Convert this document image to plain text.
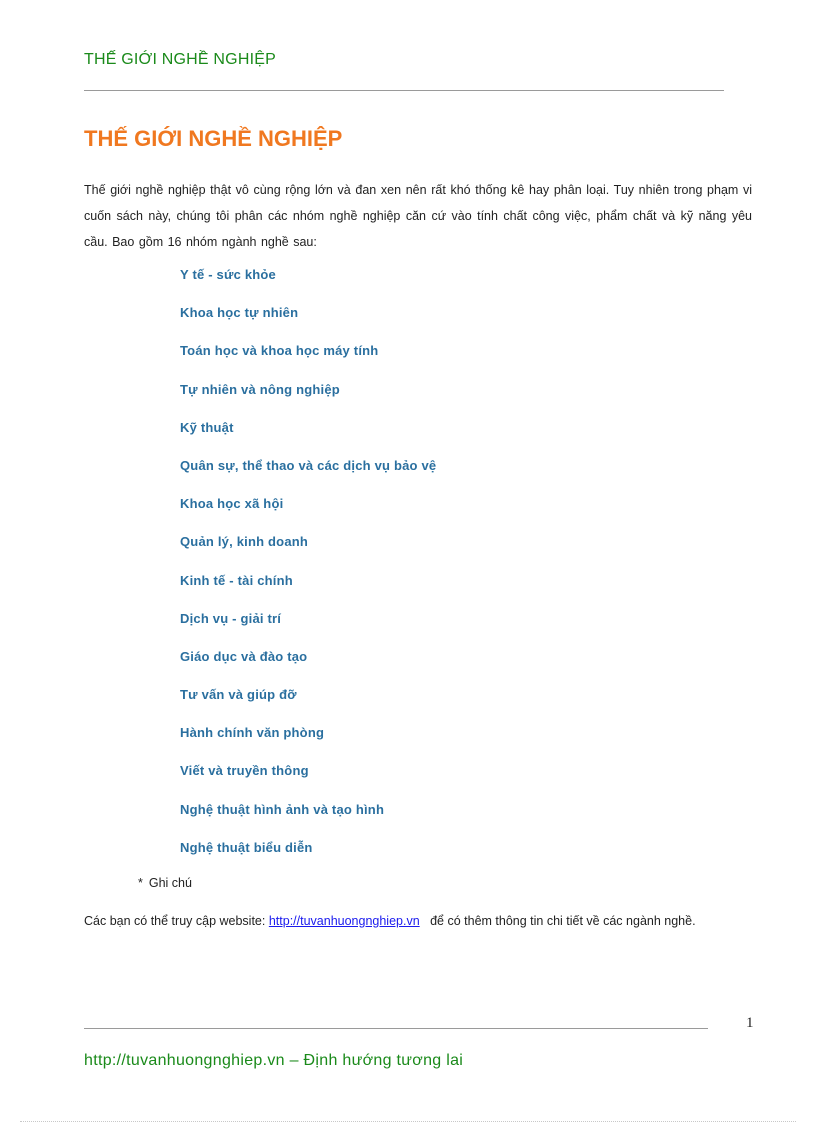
THẾ GIỚI NGHỀ NGHIỆP
THẾ GIỚI NGHỀ NGHIỆP

Thế giới nghề nghiệp thật vô cùng rộng lớn và đan xen nên rất khó thống kê hay phân loại. Tuy nhiên trong phạm vi cuốn sách này, chúng tôi phân các nhóm nghề nghiệp căn cứ vào tính chất công việc, phẩm chất và kỹ năng yêu cầu. Bao gồm 16 nhóm ngành nghề sau:

Y tế - sức khỏe
Khoa học tự nhiên
Toán học và khoa học máy tính
Tự nhiên và nông nghiệp
Kỹ thuật
Quân sự, thể thao và các dịch vụ bảo vệ
Khoa học xã hội
Quản lý, kinh doanh
Kinh tế - tài chính
Dịch vụ - giải trí
Giáo dục và đào tạo
Tư vấn và giúp đỡ
Hành chính văn phòng
Viết và truyền thông
Nghệ thuật hình ảnh và tạo hình
Nghệ thuật biểu diễn
* Ghi chú
Các bạn có thể truy cập website: http://tuvanhuongnghiep.vn để có thêm thông tin chi tiết về các ngành nghề.
1
http://tuvanhuongnghiep.vn – Định hướng tương lai
